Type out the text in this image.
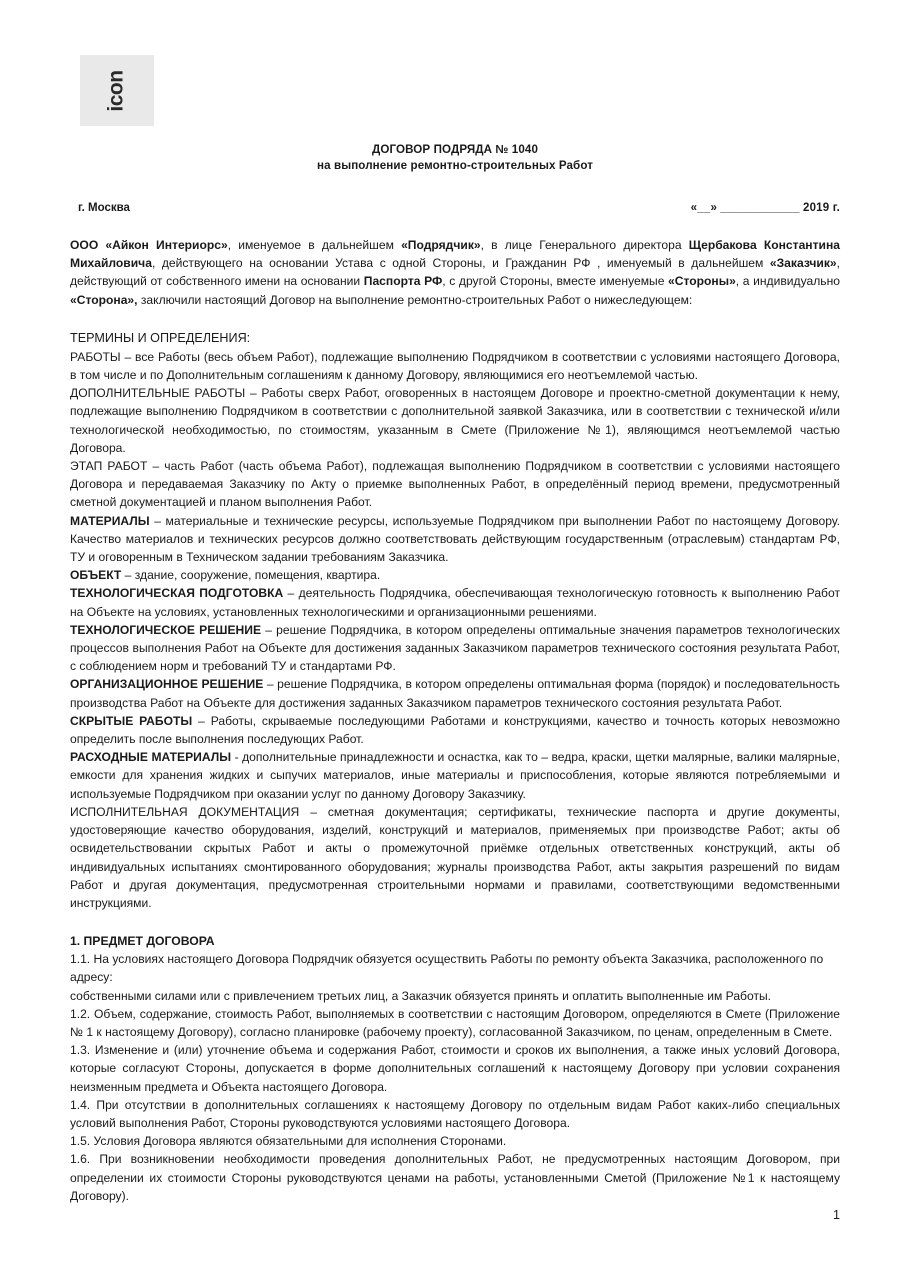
icon
ДОГОВОР ПОДРЯДА № 1040
на выполнение ремонтно-строительных Работ
г. Москва	«__» ____________ 2019 г.

ООО «Айкон Интериорс», именуемое в дальнейшем «Подрядчик», в лице Генерального директора Щербакова Константина Михайловича, действующего на основании Устава с одной Стороны, и Гражданин РФ , именуемый в дальнейшем «Заказчик», действующий от собственного имени на основании Паспорта РФ, с другой Стороны, вместе именуемые «Стороны», а индивидуально «Сторона», заключили настоящий Договор на выполнение ремонтно-строительных Работ о нижеследующем:

ТЕРМИНЫ И ОПРЕДЕЛЕНИЯ:

РАБОТЫ – все Работы (весь объем Работ), подлежащие выполнению Подрядчиком в соответствии с условиями настоящего Договора, в том числе и по Дополнительным соглашениям к данному Договору, являющимися его неотъемлемой частью.

ДОПОЛНИТЕЛЬНЫЕ РАБОТЫ – Работы сверх Работ, оговоренных в настоящем Договоре и проектно-сметной документации к нему, подлежащие выполнению Подрядчиком в соответствии с дополнительной заявкой Заказчика, или в соответствии с технической и/или технологической необходимостью, по стоимостям, указанным в Смете (Приложение №1), являющимся неотъемлемой частью Договора.

ЭТАП РАБОТ – часть Работ (часть объема Работ), подлежащая выполнению Подрядчиком в соответствии с условиями настоящего Договора и передаваемая Заказчику по Акту о приемке выполненных Работ, в определённый период времени, предусмотренный сметной документацией и планом выполнения Работ.

МАТЕРИАЛЫ – материальные и технические ресурсы, используемые Подрядчиком при выполнении Работ по настоящему Договору. Качество материалов и технических ресурсов должно соответствовать действующим государственным (отраслевым) стандартам РФ, ТУ и оговоренным в Техническом задании требованиям Заказчика.

ОБЪЕКТ – здание, сооружение, помещения, квартира.

ТЕХНОЛОГИЧЕСКАЯ ПОДГОТОВКА – деятельность Подрядчика, обеспечивающая технологическую готовность к выполнению Работ на Объекте на условиях, установленных технологическими и организационными решениями.

ТЕХНОЛОГИЧЕСКОЕ РЕШЕНИЕ – решение Подрядчика, в котором определены оптимальные значения параметров технологических процессов выполнения Работ на Объекте для достижения заданных Заказчиком параметров технического состояния результата Работ, с соблюдением норм и требований ТУ и стандартами РФ.

ОРГАНИЗАЦИОННОЕ РЕШЕНИЕ – решение Подрядчика, в котором определены оптимальная форма (порядок) и последовательность производства Работ на Объекте для достижения заданных Заказчиком параметров технического состояния результата Работ.

СКРЫТЫЕ РАБОТЫ – Работы, скрываемые последующими Работами и конструкциями, качество и точность которых невозможно определить после выполнения последующих Работ.

РАСХОДНЫЕ МАТЕРИАЛЫ - дополнительные принадлежности и оснастка, как то – ведра, краски, щетки малярные, валики малярные, емкости для хранения жидких и сыпучих материалов, иные материалы и приспособления, которые являются потребляемыми и используемые Подрядчиком при оказании услуг по данному Договору Заказчику.

ИСПОЛНИТЕЛЬНАЯ ДОКУМЕНТАЦИЯ – сметная документация; сертификаты, технические паспорта и другие документы, удостоверяющие качество оборудования, изделий, конструкций и материалов, применяемых при производстве Работ; акты об освидетельствовании скрытых Работ и акты о промежуточной приёмке отдельных ответственных конструкций, акты об индивидуальных испытаниях смонтированного оборудования; журналы производства Работ, акты закрытия разрешений по видам Работ и другая документация, предусмотренная строительными нормами и правилами, соответствующими ведомственными инструкциями.

1. ПРЕДМЕТ ДОГОВОРА

1.1. На условиях настоящего Договора Подрядчик обязуется осуществить Работы по ремонту объекта Заказчика, расположенного по адресу:

собственными силами или с привлечением третьих лиц, а Заказчик обязуется принять и оплатить выполненные им Работы.

1.2. Объем, содержание, стоимость Работ, выполняемых в соответствии с настоящим Договором, определяются в Смете (Приложение № 1 к настоящему Договору), согласно планировке (рабочему проекту), согласованной Заказчиком, по ценам, определенным в Смете.

1.3. Изменение и (или) уточнение объема и содержания Работ, стоимости и сроков их выполнения, а также иных условий Договора, которые согласуют Стороны, допускается в форме дополнительных соглашений к настоящему Договору при условии сохранения неизменным предмета и Объекта настоящего Договора.

1.4. При отсутствии в дополнительных соглашениях к настоящему Договору по отдельным видам Работ каких-либо специальных условий выполнения Работ, Стороны руководствуются условиями настоящего Договора.

1.5. Условия Договора являются обязательными для исполнения Сторонами.

1.6. При возникновении необходимости проведения дополнительных Работ, не предусмотренных настоящим Договором, при определении их стоимости Стороны руководствуются ценами на работы, установленными Сметой (Приложение №1 к настоящему Договору).

1
